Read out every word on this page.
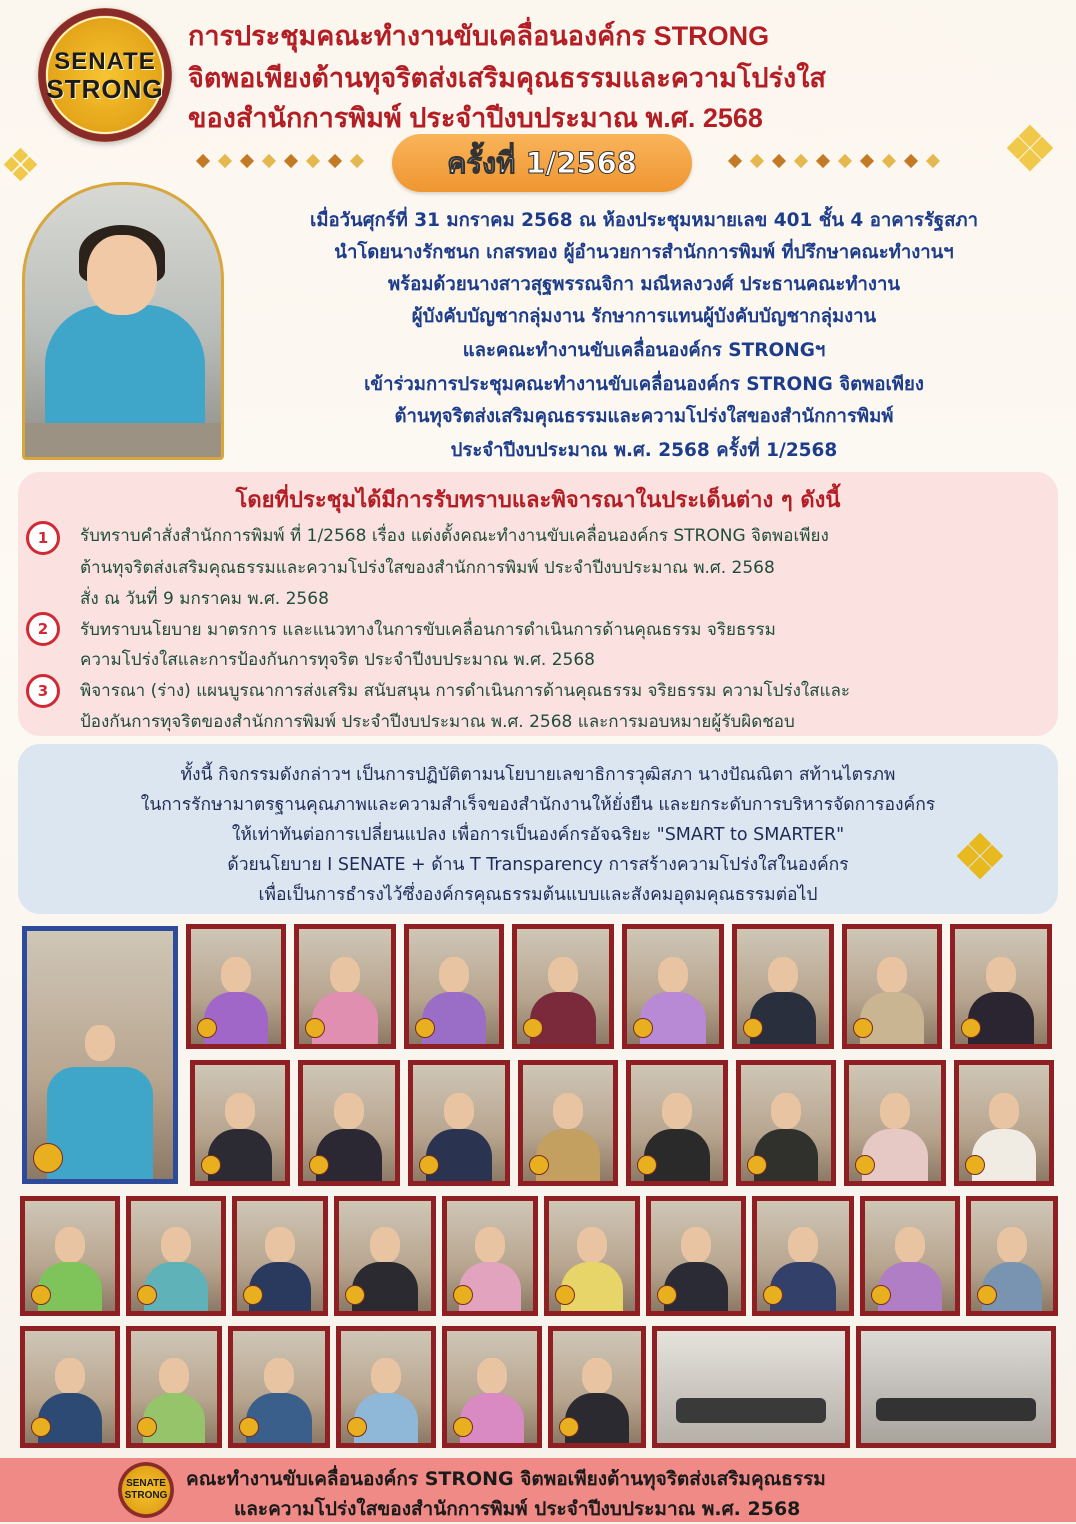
SENATE
STRONG
การประชุมคณะทำงานขับเคลื่อนองค์กร STRONG
จิตพอเพียงต้านทุจริตส่งเสริมคุณธรรมและความโปร่งใส
ของสำนักการพิมพ์ ประจำปีงบประมาณ พ.ศ. 2568
ครั้งที่ 1/2568
เมื่อวันศุกร์ที่ 31 มกราคม 2568 ณ ห้องประชุมหมายเลข 401 ชั้น 4 อาคารรัฐสภา
นำโดยนางรักชนก เกสรทอง ผู้อำนวยการสำนักการพิมพ์ ที่ปรึกษาคณะทำงานฯ
พร้อมด้วยนางสาวสุฐพรรณจิกา มณีหลงวงศ์ ประธานคณะทำงาน
ผู้บังคับบัญชากลุ่มงาน รักษาการแทนผู้บังคับบัญชากลุ่มงาน
และคณะทำงานขับเคลื่อนองค์กร STRONGฯ
เข้าร่วมการประชุมคณะทำงานขับเคลื่อนองค์กร STRONG จิตพอเพียง
ต้านทุจริตส่งเสริมคุณธรรมและความโปร่งใสของสำนักการพิมพ์
ประจำปีงบประมาณ พ.ศ. 2568 ครั้งที่ 1/2568
โดยที่ประชุมได้มีการรับทราบและพิจารณาในประเด็นต่าง ๆ ดังนี้
1	รับทราบคำสั่งสำนักการพิมพ์ ที่ 1/2568 เรื่อง แต่งตั้งคณะทำงานขับเคลื่อนองค์กร STRONG จิตพอเพียง
ต้านทุจริตส่งเสริมคุณธรรมและความโปร่งใสของสำนักการพิมพ์ ประจำปีงบประมาณ พ.ศ. 2568
สั่ง ณ วันที่ 9 มกราคม พ.ศ. 2568
2	รับทราบนโยบาย มาตรการ และแนวทางในการขับเคลื่อนการดำเนินการด้านคุณธรรม จริยธรรม
ความโปร่งใสและการป้องกันการทุจริต ประจำปีงบประมาณ พ.ศ. 2568
3	พิจารณา (ร่าง) แผนบูรณาการส่งเสริม สนับสนุน การดำเนินการด้านคุณธรรม จริยธรรม ความโปร่งใสและ
ป้องกันการทุจริตของสำนักการพิมพ์ ประจำปีงบประมาณ พ.ศ. 2568 และการมอบหมายผู้รับผิดชอบ
ทั้งนี้ กิจกรรมดังกล่าวฯ เป็นการปฏิบัติตามนโยบายเลขาธิการวุฒิสภา นางปัณณิตา สท้านไตรภพ
ในการรักษามาตรฐานคุณภาพและความสำเร็จของสำนักงานให้ยั่งยืน และยกระดับการบริหารจัดการองค์กร
ให้เท่าทันต่อการเปลี่ยนแปลง เพื่อการเป็นองค์กรอัจฉริยะ "SMART to SMARTER"
ด้วยนโยบาย I SENATE + ด้าน T Transparency การสร้างความโปร่งใสในองค์กร
เพื่อเป็นการธำรงไว้ซึ่งองค์กรคุณธรรมต้นแบบและสังคมอุดมคุณธรรมต่อไป
SENATE
STRONG
คณะทำงานขับเคลื่อนองค์กร STRONG จิตพอเพียงต้านทุจริตส่งเสริมคุณธรรม
และความโปร่งใสของสำนักการพิมพ์ ประจำปีงบประมาณ พ.ศ. 2568
